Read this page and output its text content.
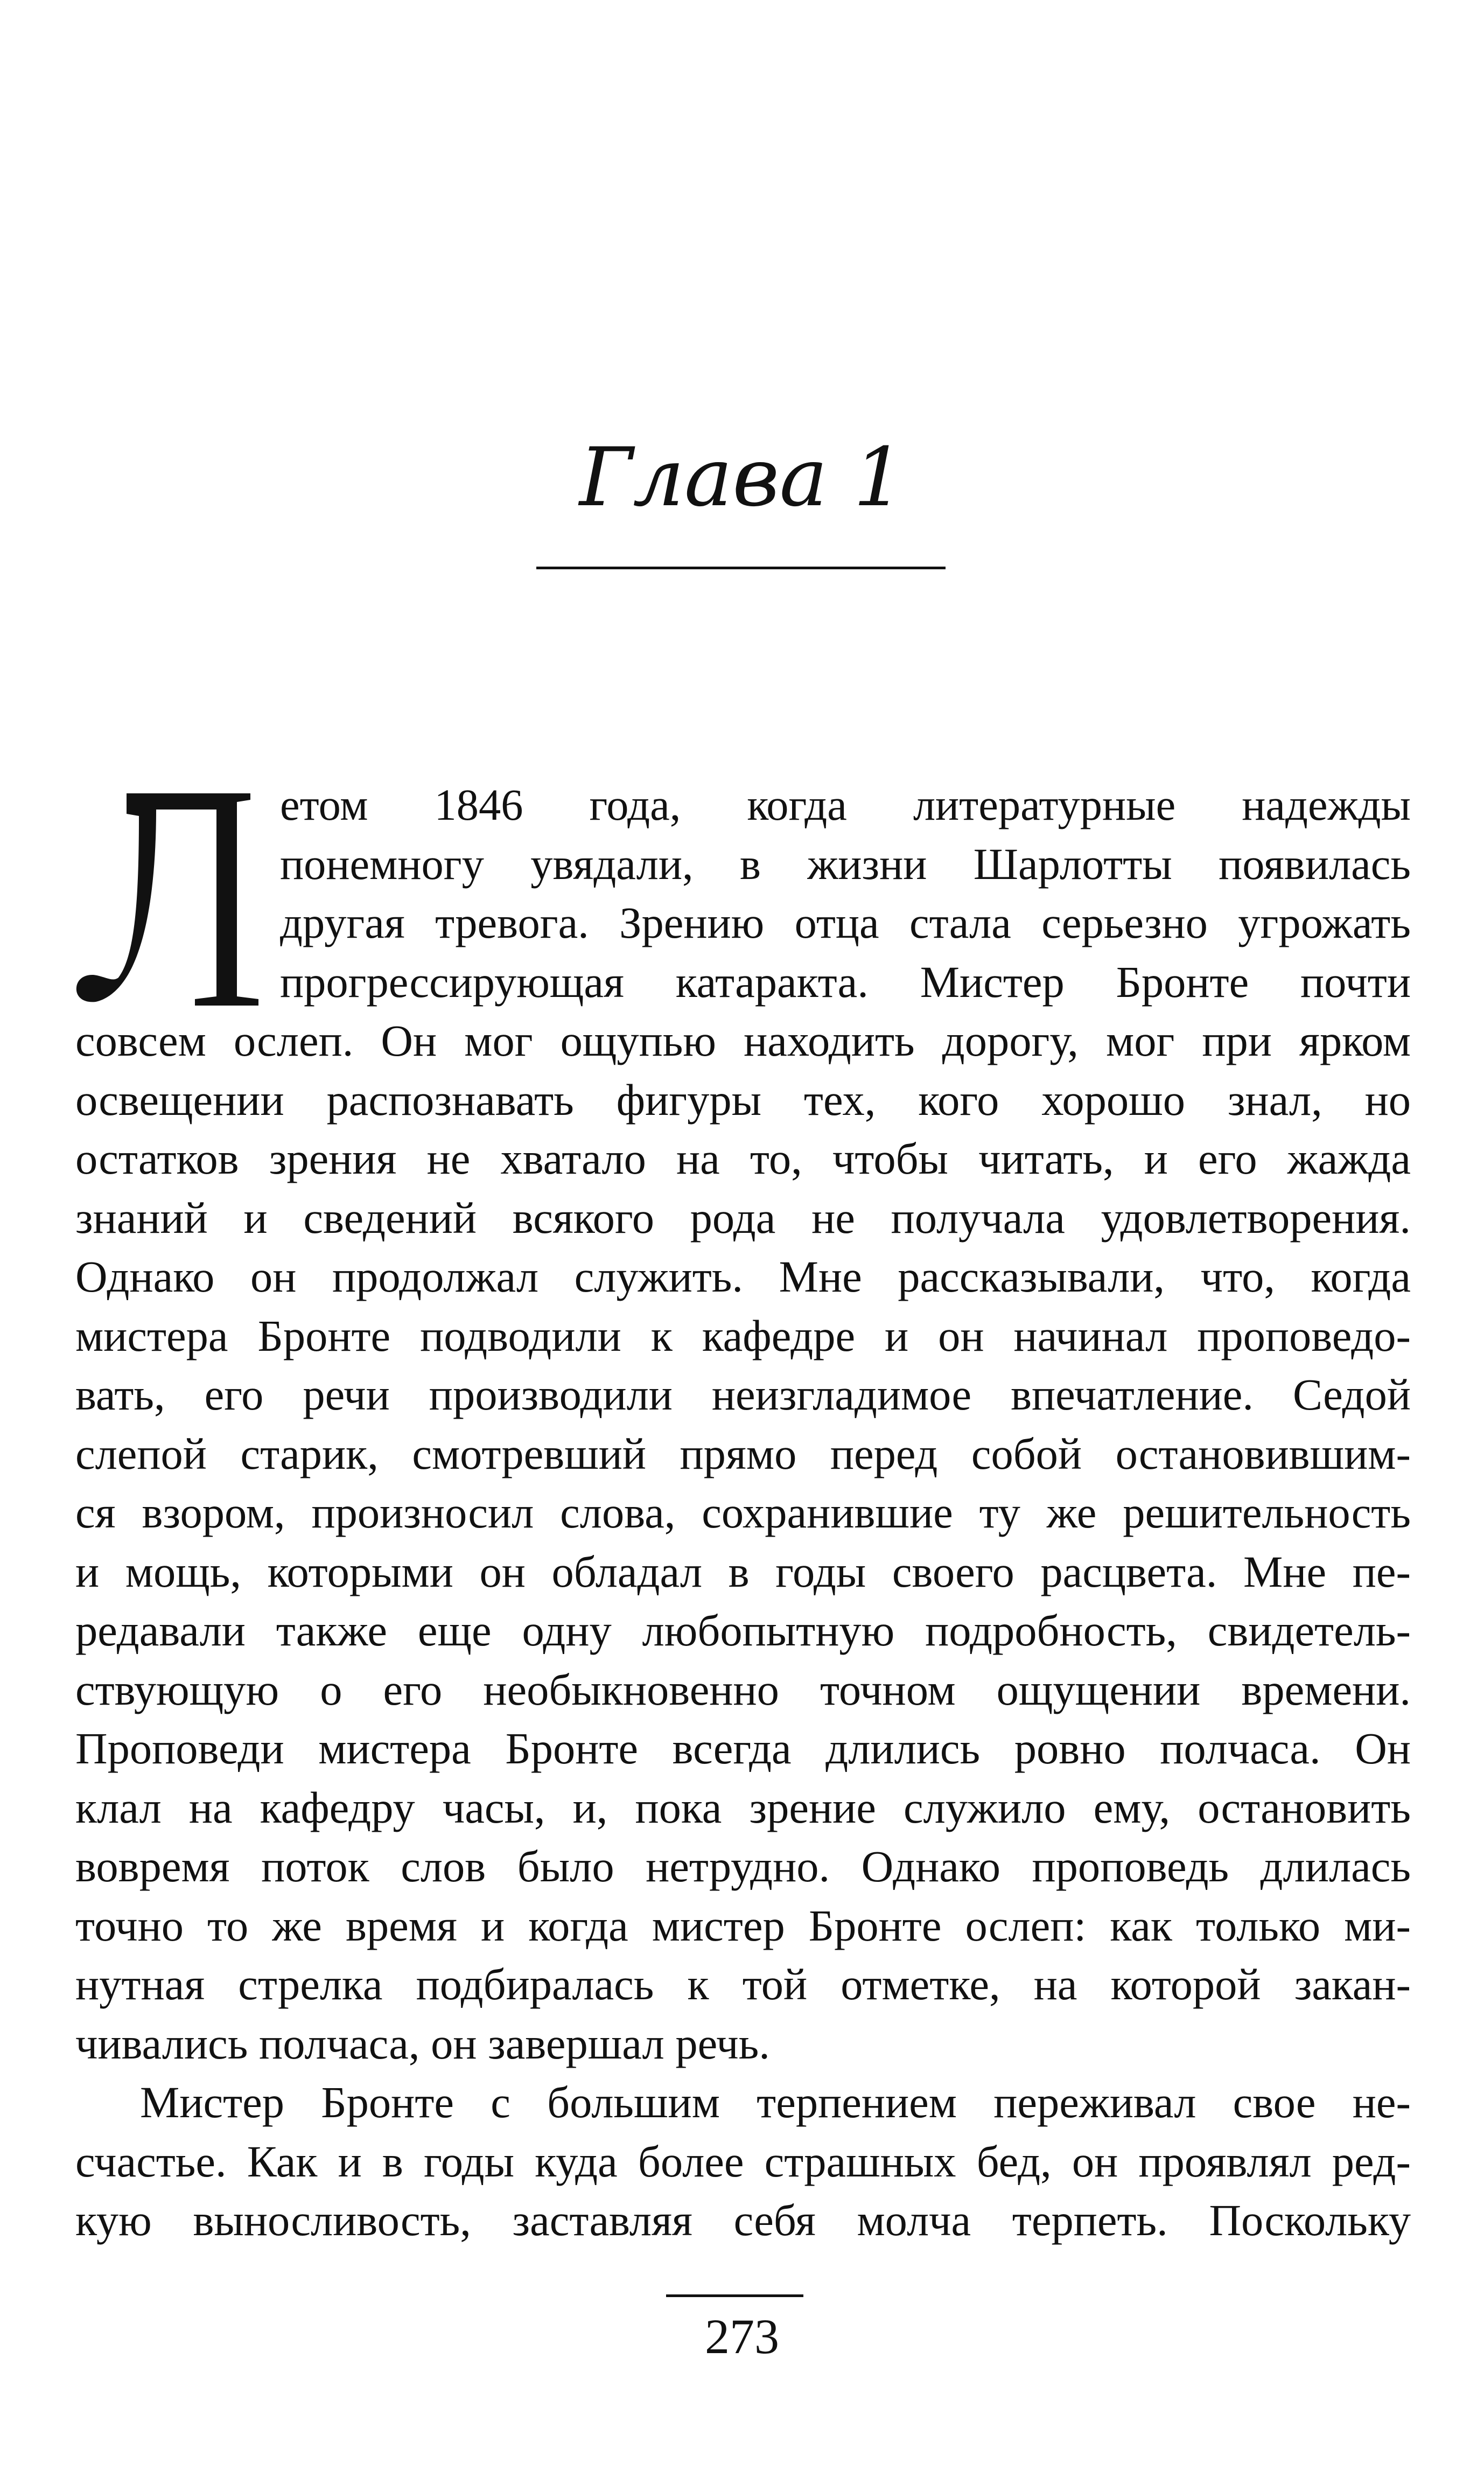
Глава 1
етом 1846 года, когда литературные надежды
понемногу увядали, в жизни Шарлотты появилась
другая тревога. Зрению отца стала серьезно угрожать
прогрессирующая катаракта. Мистер Бронте почти
совсем ослеп. Он мог ощупью находить дорогу, мог при ярком
освещении распознавать фигуры тех, кого хорошо знал, но
остатков зрения не хватало на то, чтобы читать, и его жажда
знаний и сведений всякого рода не получала удовлетворения.
Однако он продолжал служить. Мне рассказывали, что, когда
мистера Бронте подводили к кафедре и он начинал проповедо-
вать, его речи производили неизгладимое впечатление. Седой
слепой старик, смотревший прямо перед собой остановившим-
ся взором, произносил слова, сохранившие ту же решительность
и мощь, которыми он обладал в годы своего расцвета. Мне пе-
редавали также еще одну любопытную подробность, свидетель-
ствующую о его необыкновенно точном ощущении времени.
Проповеди мистера Бронте всегда длились ровно полчаса. Он
клал на кафедру часы, и, пока зрение служило ему, остановить
вовремя поток слов было нетрудно. Однако проповедь длилась
точно то же время и когда мистер Бронте ослеп: как только ми-
нутная стрелка подбиралась к той отметке, на которой закан-
чивались полчаса, он завершал речь.
Мистер Бронте с большим терпением переживал свое не-
счастье. Как и в годы куда более страшных бед, он проявлял ред-
кую выносливость, заставляя себя молча терпеть. Поскольку
273
